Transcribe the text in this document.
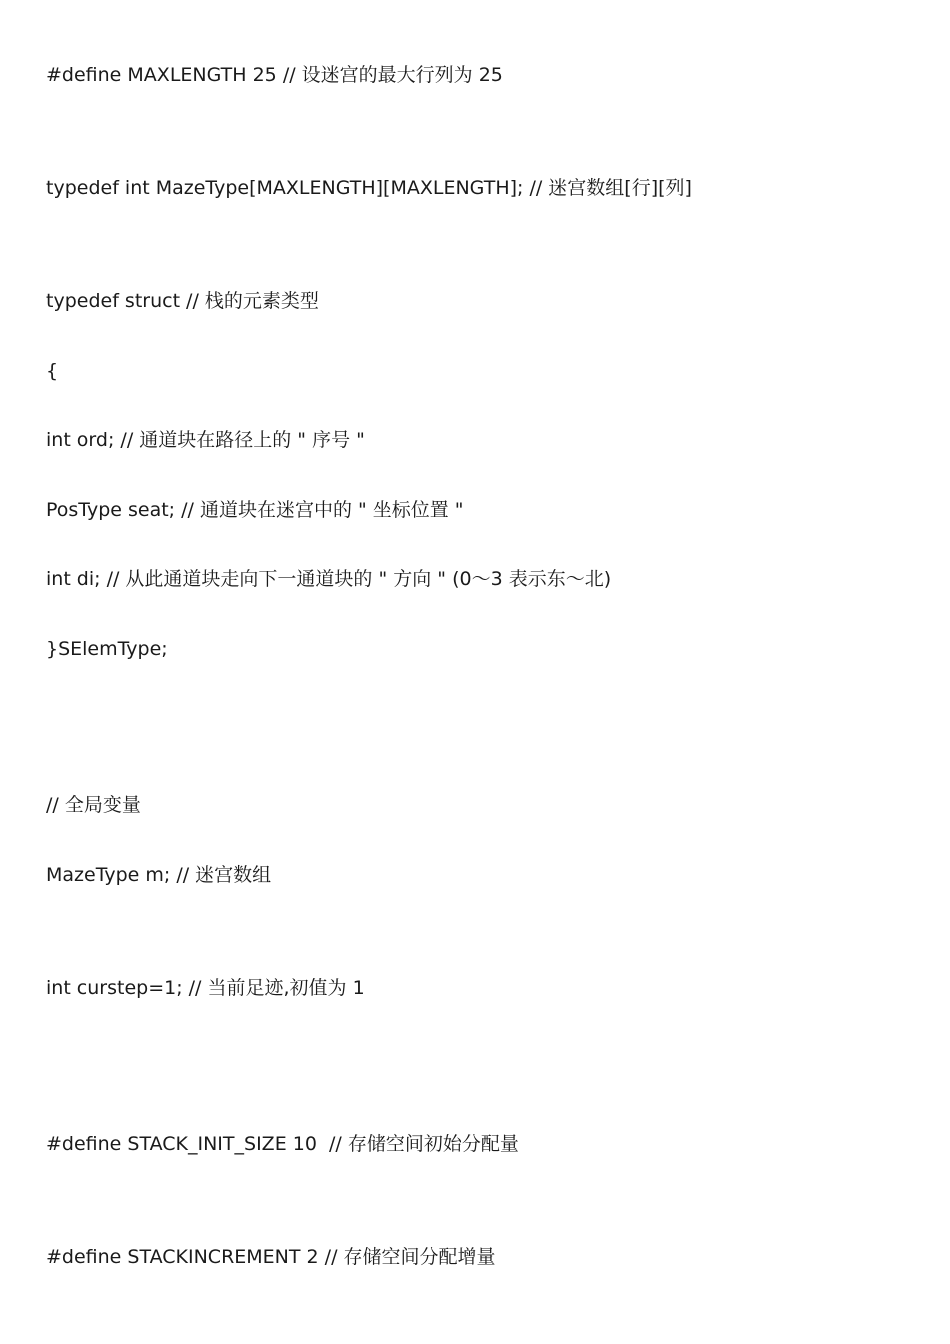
#define MAXLENGTH 25 // 设迷宫的最大行列为 25

typedef int MazeType[MAXLENGTH][MAXLENGTH]; // 迷宫数组[行][列]

typedef struct // 栈的元素类型

{

int ord; // 通道块在路径上的 " 序号 "

PosType seat; // 通道块在迷宫中的 " 坐标位置 "

int di; // 从此通道块走向下一通道块的 " 方向 " (0～3 表示东～北)

}SElemType;

// 全局变量

MazeType m; // 迷宫数组

int curstep=1; // 当前足迹,初值为 1

#define STACK_INIT_SIZE 10  // 存储空间初始分配量

#define STACKINCREMENT 2 // 存储空间分配增量
